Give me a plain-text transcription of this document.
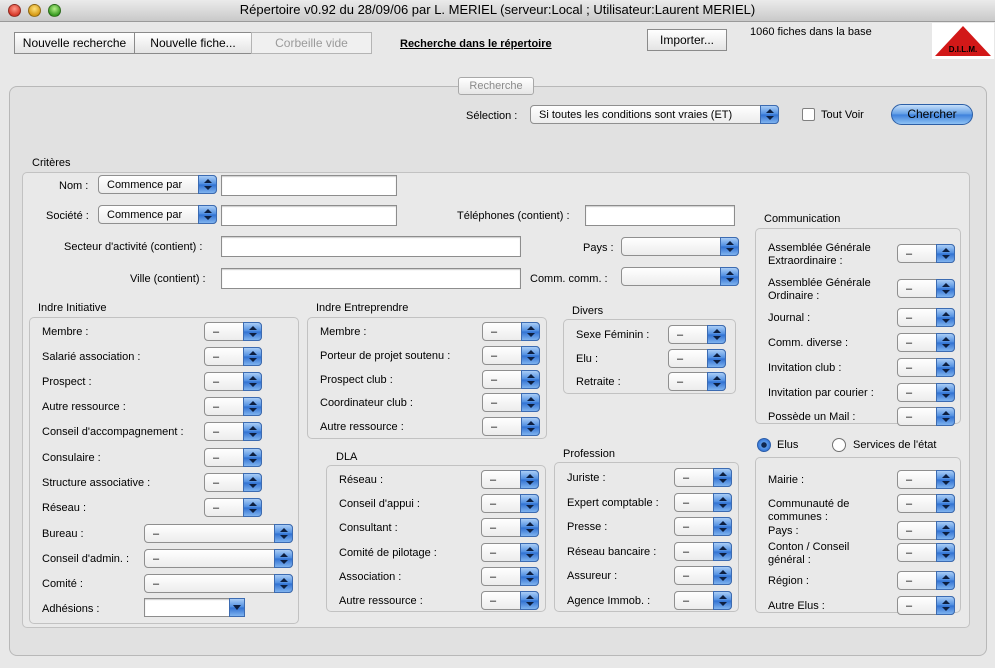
Répertoire v0.92 du 28/09/06 par L. MERIEL (serveur:Local ; Utilisateur:Laurent MERIEL)
Nouvelle recherche	Nouvelle fiche...	Corbeille vide	Recherche dans le répertoire	Importer...
1060 fiches dans la base
D.I.L.M.
Recherche
Sélection : Si toutes les conditions sont vraies (ET)	Tout Voir	Chercher
Critères
Nom : Commence par
Société : Commence par	Téléphones (contient) :
Secteur d'activité (contient) :	Pays :
Ville (contient) :	Comm. comm. :
Indre Initiative	Indre Entreprendre	Divers
DLA	Profession
Communication
Elus	Services de l'état
Membre :	–
Salarié association :	–
Prospect :	–
Autre ressource :	–
Conseil d'accompagnement :	–
Consulaire :	–
Structure associative :	–
Réseau :	–
Bureau :	–
Conseil d'admin. : –
Comité :	–
Adhésions :
Membre :	–
Porteur de projet soutenu :	–
Prospect club :	–
Coordinateur club :	–
Autre ressource :	–
Sexe Féminin :	–
Elu :	–
Retraite :	–
Réseau :	–
Conseil d'appui :	–
Consultant :	–
Comité de pilotage :	–
Association :	–
Autre ressource :	–
Juriste :	–
Expert comptable : –
Presse :	–
Réseau bancaire : –
Assureur :	–
Agence Immob. :	–
Assemblée Générale Extraordinaire :
–
Assemblée Générale Ordinaire :
–
Journal :	–
Comm. diverse :	–
Invitation club :	–
Invitation par courier :	–
Possède un Mail :	–
Mairie :	–
Communauté de communes :
–
Pays :	–
Conton / Conseil général :
–
Région :	–
Autre Elus :	–
